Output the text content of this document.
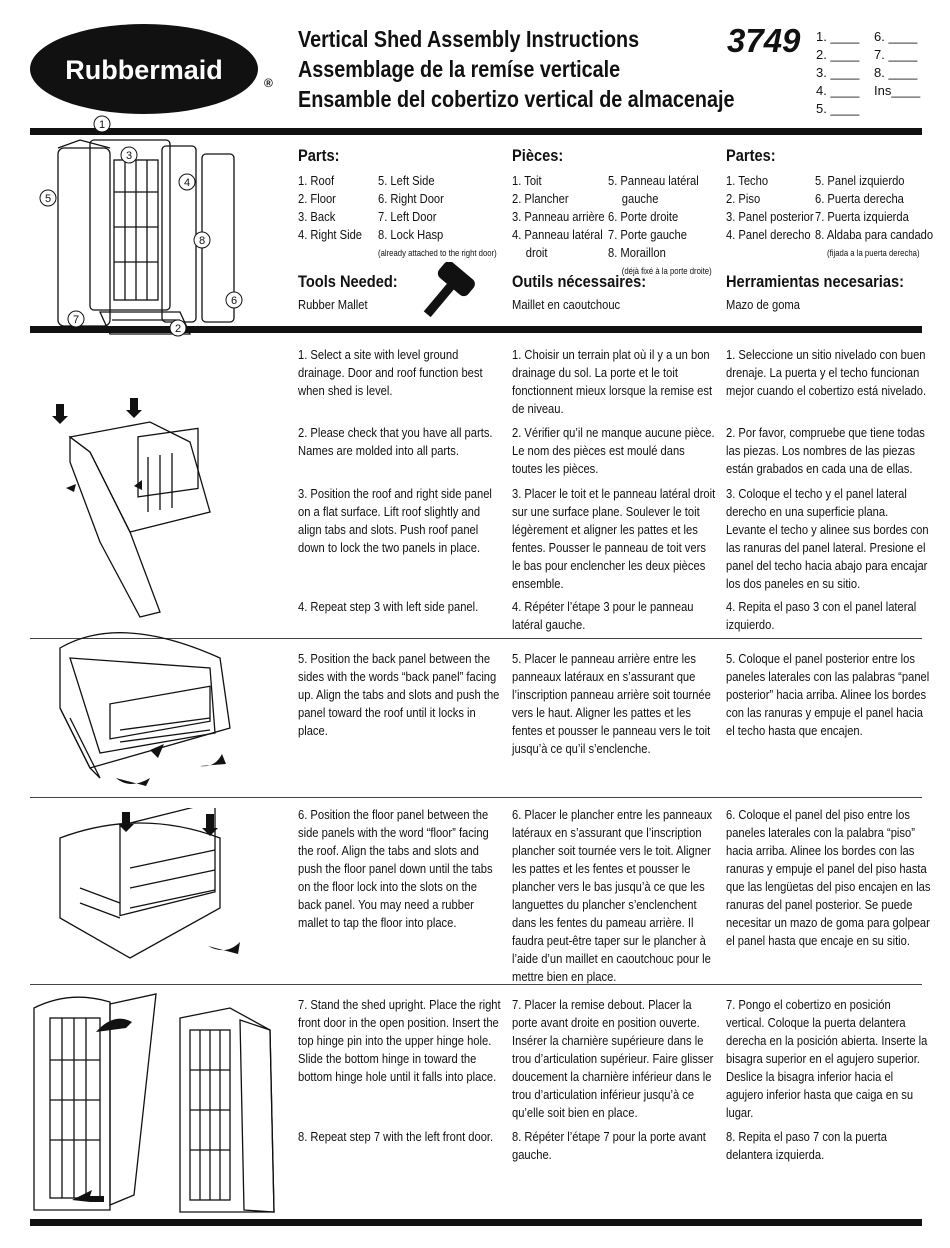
Rubbermaid	®
Vertical Shed Assembly Instructions
Assemblage de la remíse verticale
Ensamble del cobertizo vertical de almacenaje
3749 1. ____
2. ____
3. ____
4. ____
5. ____
6. ____
7. ____
8. ____
Ins____
1
3
4
5
8
6
7
2
Parts:
1. Roof
2. Floor
3. Back
4. Right Side
5. Left Side
6. Right Door
7. Left Door
8. Lock Hasp
(already attached to the right door)
Tools Needed:
Rubber Mallet
Pièces:
1. Toit
2. Plancher
3. Panneau arrière
4. Panneau latéral
droit
5. Panneau latéral
gauche
6. Porte droite
7. Porte gauche
8. Moraillon
(déjà fixé à la porte droite)
Outils nécessaires:
Maillet en caoutchouc
Partes:
1. Techo
2. Piso
3. Panel posterior
4. Panel derecho
5. Panel izquierdo
6. Puerta derecha
7. Puerta izquierda
8. Aldaba para candado
(fijada a la puerta derecha)
Herramientas necesarias:
Mazo de goma

1. Select a site with level ground drainage. Door and roof function best when shed is level.

1. Choisir un terrain plat où il y a un bon drainage du sol. La porte et le toit fonctionnent mieux lorsque la remise est de niveau.

1. Seleccione un sitio nivelado con buen drenaje. La puerta y el techo funcionan mejor cuando el cobertizo está nivelado.

2. Please check that you have all parts. Names are molded into all parts.

2. Vérifier qu’il ne manque aucune pièce. Le nom des pièces est moulé dans toutes les pièces.

2. Por favor, compruebe que tiene todas las piezas. Los nombres de las piezas están grabados en cada una de ellas.

3. Position the roof and right side panel on a flat surface. Lift roof slightly and align tabs and slots. Push roof panel down to lock the two panels in place.

3. Placer le toit et le panneau latéral droit sur une surface plane. Soulever le toit légèrement et aligner les pattes et les fentes. Pousser le panneau de toit vers le bas pour enclencher les deux pièces ensemble.

3. Coloque el techo y el panel lateral derecho en una superficie plana. Levante el techo y alinee sus bordes con las ranuras del panel lateral. Presione el panel del techo hacia abajo para encajar los dos paneles en su sitio.

4. Repeat step 3 with left side panel.	4. Répéter l’étape 3 pour le panneau latéral gauche.

4. Repita el paso 3 con el panel lateral izquierdo.

5. Position the back panel between the sides with the words “back panel” facing up. Align the tabs and slots and push the panel toward the roof until it locks in place.

5. Placer le panneau arrière entre les panneaux latéraux en s’assurant que l’inscription panneau arrière soit tournée vers le haut. Aligner les pattes et les fentes et pousser le panneau vers le toit jusqu’à ce qu’il s’enclenche.

5. Coloque el panel posterior entre los paneles laterales con las palabras “panel posterior” hacia arriba. Alinee los bordes con las ranuras y empuje el panel hacia el techo hasta que encajen.

6. Position the floor panel between the side panels with the word “floor” facing the roof. Align the tabs and slots and push the floor panel down until the tabs on the floor lock into the slots on the back panel. You may need a rubber mallet to tap the floor into place.

6. Placer le plancher entre les panneaux latéraux en s’assurant que l’inscription plancher soit tournée vers le toit. Aligner les pattes et les fentes et pousser le plancher vers le bas jusqu’à ce que les languettes du plancher s’enclenchent dans les fentes du pameau arrière. Il faudra peut-être taper sur le plancher à l’aide d’un maillet en caoutchouc pour le mettre bien en place.

6. Coloque el panel del piso entre los paneles laterales con la palabra “piso” hacia arriba. Alinee los bordes con las ranuras y empuje el panel del piso hasta que las lengüetas del piso encajen en las ranuras del panel posterior. Se puede necesitar un mazo de goma para golpear el panel hasta que encaje en su sitio.

7. Stand the shed upright. Place the right front door in the open position. Insert the top hinge pin into the upper hinge hole. Slide the bottom hinge in toward the bottom hinge hole until it falls into place.

7. Placer la remise debout. Placer la porte avant droite en position ouverte. Insérer la charnière supérieure dans le trou d’articulation supérieur. Faire glisser doucement la charnière inférieur dans le trou d’articulation inférieur jusqu’à ce qu’elle soit bien en place.

7. Pongo el cobertizo en posición vertical. Coloque la puerta delantera derecha en la posición abierta. Inserte la bisagra superior en el agujero superior. Deslice la bisagra inferior hacia el agujero inferior hasta que caiga en su lugar.

8. Repeat step 7 with the left front door.	8. Répéter l’étape 7 pour la porte avant gauche.

8. Repita el paso 7 con la puerta delantera izquierda.
